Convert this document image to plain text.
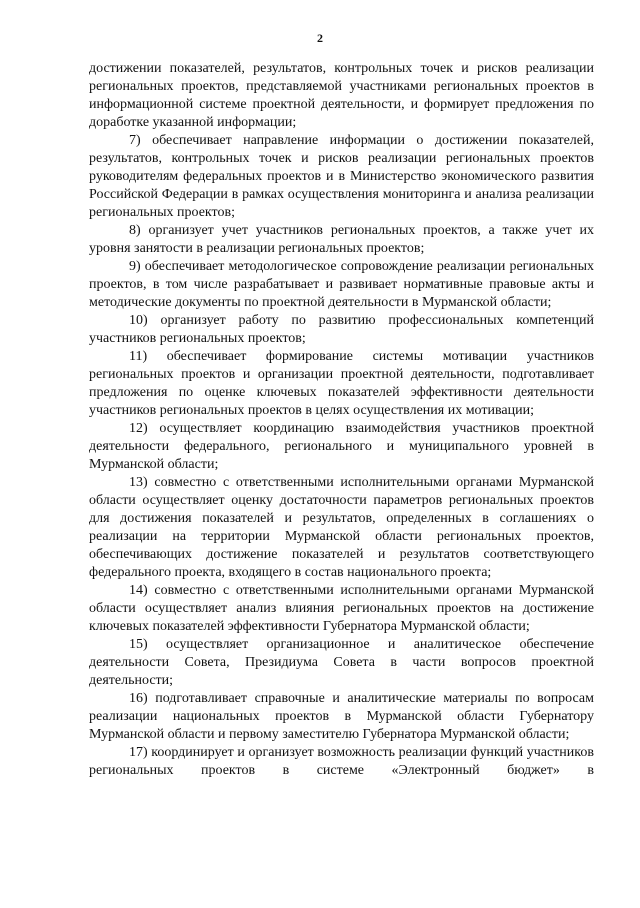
2

достижении показателей, результатов, контрольных точек и рисков реализации региональных проектов, представляемой участниками региональных проектов в информационной системе проектной деятельности, и формирует предложения по доработке указанной информации;

7) обеспечивает направление информации о достижении показателей, результатов, контрольных точек и рисков реализации региональных проектов руководителям федеральных проектов и в Министерство экономического развития Российской Федерации в рамках осуществления мониторинга и анализа реализации региональных проектов;

8) организует учет участников региональных проектов, а также учет их уровня занятости в реализации региональных проектов;

9) обеспечивает методологическое сопровождение реализации региональных проектов, в том числе разрабатывает и развивает нормативные правовые акты и методические документы по проектной деятельности в Мурманской области;

10) организует работу по развитию профессиональных компетенций участников региональных проектов;

11) обеспечивает формирование системы мотивации участников региональных проектов и организации проектной деятельности, подготавливает предложения по оценке ключевых показателей эффективности деятельности участников региональных проектов в целях осуществления их мотивации;

12) осуществляет координацию взаимодействия участников проектной деятельности федерального, регионального и муниципального уровней в Мурманской области;

13) совместно с ответственными исполнительными органами Мурманской области осуществляет оценку достаточности параметров региональных проектов для достижения показателей и результатов, определенных в соглашениях о реализации на территории Мурманской области региональных проектов, обеспечивающих достижение показателей и результатов соответствующего федерального проекта, входящего в состав национального проекта;

14) совместно с ответственными исполнительными органами Мурманской области осуществляет анализ влияния региональных проектов на достижение ключевых показателей эффективности Губернатора Мурманской области;

15) осуществляет организационное и аналитическое обеспечение деятельности Совета, Президиума Совета в части вопросов проектной деятельности;

16) подготавливает справочные и аналитические материалы по вопросам реализации национальных проектов в Мурманской области Губернатору Мурманской области и первому заместителю Губернатора Мурманской области;

17) координирует и организует возможность реализации функций участников региональных проектов в системе «Электронный бюджет» в
